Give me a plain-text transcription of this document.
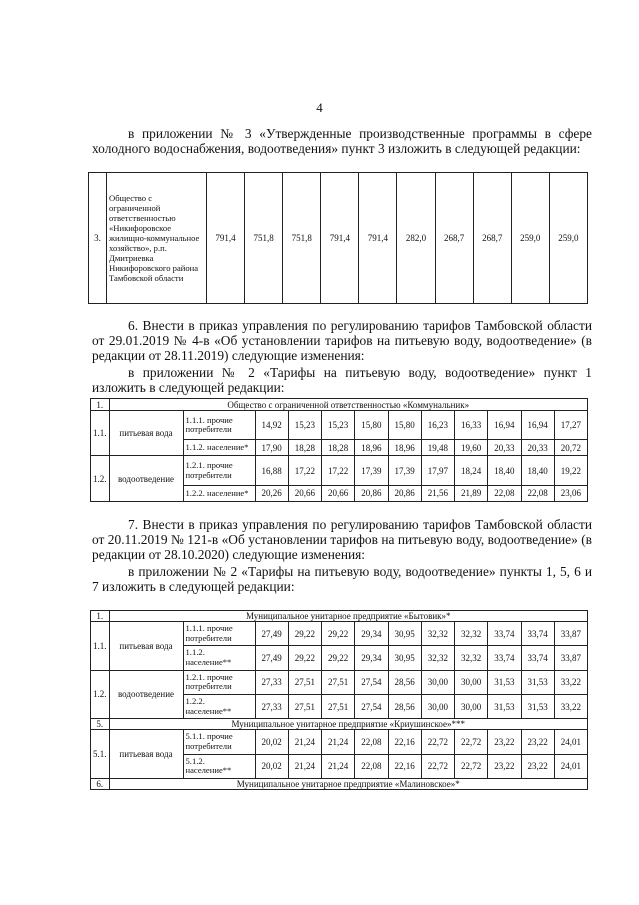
4
в приложении № 3 «Утвержденные производственные программы в сфере холодного водоснабжения, водоотведения» пункт 3 изложить в следующей редакции:
3.	Общество с ограниченной ответственностью «Никифоровское жилищно-коммунальное хозяйство», р.п. Дмитриевка Никифоровского района Тамбовской области	791,4	751,8	751,8	791,4	791,4	282,0	268,7	268,7	259,0	259,0
6. Внести в приказ управления по регулированию тарифов Тамбовской области от 29.01.2019 № 4-в «Об установлении тарифов на питьевую воду, водоотведение» (в редакции от 28.11.2019) следующие изменения:
в приложении № 2 «Тарифы на питьевую воду, водоотведение» пункт 1 изложить в следующей редакции:
1.	Общество с ограниченной ответственностью «Коммунальник»											
1.1.	питьевая вода	1.1.1. прочие потребители	14,92	15,23	15,23	15,80	15,80	16,23	16,33	16,94	16,94	17,27
		1.1.2. население*	17,90	18,28	18,28	18,96	18,96	19,48	19,60	20,33	20,33	20,72
1.2.	водоотведение	1.2.1. прочие потребители	16,88	17,22	17,22	17,39	17,39	17,97	18,24	18,40	18,40	19,22
		1.2.2. население*	20,26	20,66	20,66	20,86	20,86	21,56	21,89	22,08	22,08	23,06
7. Внести в приказ управления по регулированию тарифов Тамбовской области от 20.11.2019 № 121-в «Об установлении тарифов на питьевую воду, водоотведение» (в редакции от 28.10.2020) следующие изменения:
в приложении № 2 «Тарифы на питьевую воду, водоотведение» пункты 1, 5, 6 и 7 изложить в следующей редакции:
1.	Муниципальное унитарное предприятие «Бытовик»*											
1.1.	питьевая вода	1.1.1. прочие потребители	27,49	29,22	29,22	29,34	30,95	32,32	32,32	33,74	33,74	33,87
		1.1.2. население**	27,49	29,22	29,22	29,34	30,95	32,32	32,32	33,74	33,74	33,87
1.2.	водоотведение	1.2.1. прочие потребители	27,33	27,51	27,51	27,54	28,56	30,00	30,00	31,53	31,53	33,22
		1.2.2. население**	27,33	27,51	27,51	27,54	28,56	30,00	30,00	31,53	31,53	33,22
5.	Муниципальное унитарное предприятие «Криушинское»***											
5.1.	питьевая вода	5.1.1. прочие потребители	20,02	21,24	21,24	22,08	22,16	22,72	22,72	23,22	23,22	24,01
		5.1.2. население**	20,02	21,24	21,24	22,08	22,16	22,72	22,72	23,22	23,22	24,01
6.	Муниципальное унитарное предприятие «Малиновское»*											
